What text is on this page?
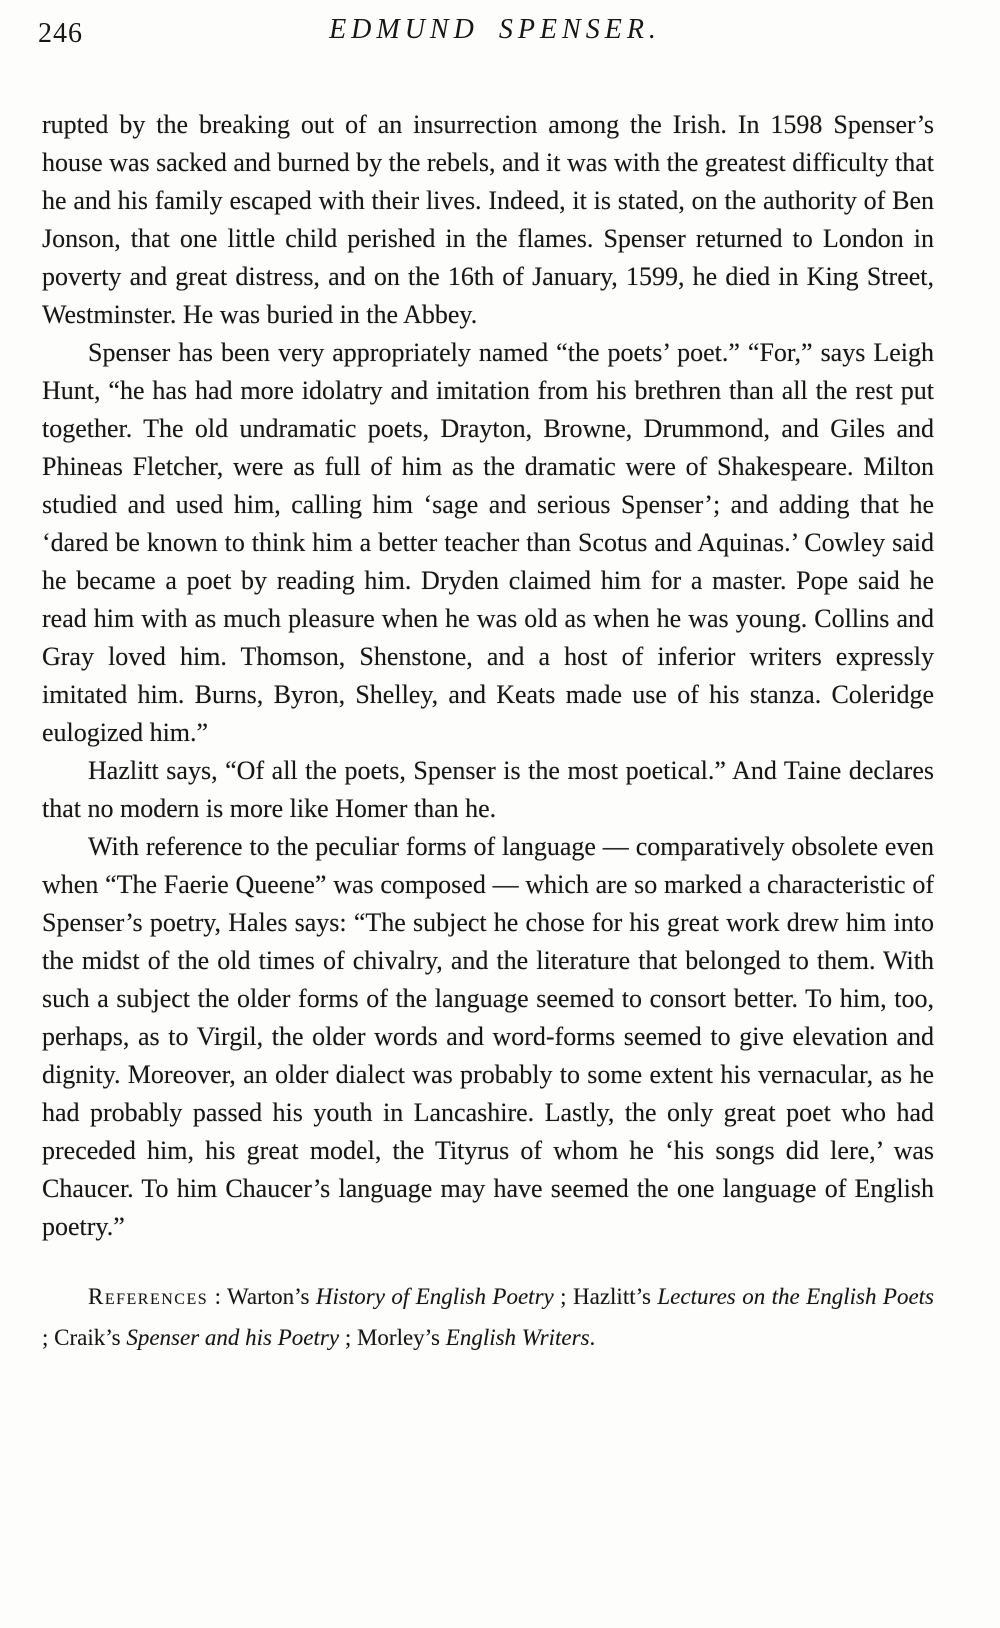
246	EDMUND SPENSER.

rupted by the breaking out of an insurrection among the Irish. In 1598 Spenser’s house was sacked and burned by the rebels, and it was with the greatest difficulty that he and his family escaped with their lives. Indeed, it is stated, on the authority of Ben Jonson, that one little child perished in the flames. Spenser returned to London in poverty and great distress, and on the 16th of January, 1599, he died in King Street, Westminster. He was buried in the Abbey.

Spenser has been very appropriately named “the poets’ poet.” “For,” says Leigh Hunt, “he has had more idolatry and imitation from his brethren than all the rest put together. The old undramatic poets, Drayton, Browne, Drummond, and Giles and Phineas Fletcher, were as full of him as the dramatic were of Shakespeare. Milton studied and used him, calling him ‘sage and serious Spenser’; and adding that he ‘dared be known to think him a better teacher than Scotus and Aquinas.’ Cowley said he became a poet by reading him. Dryden claimed him for a master. Pope said he read him with as much pleasure when he was old as when he was young. Collins and Gray loved him. Thomson, Shenstone, and a host of inferior writers expressly imitated him. Burns, Byron, Shelley, and Keats made use of his stanza. Coleridge eulogized him.”

Hazlitt says, “Of all the poets, Spenser is the most poetical.” And Taine declares that no modern is more like Homer than he.

With reference to the peculiar forms of language — comparatively obsolete even when “The Faerie Queene” was composed — which are so marked a characteristic of Spenser’s poetry, Hales says: “The subject he chose for his great work drew him into the midst of the old times of chivalry, and the literature that belonged to them. With such a subject the older forms of the language seemed to consort better. To him, too, perhaps, as to Virgil, the older words and word-forms seemed to give elevation and dignity. Moreover, an older dialect was probably to some extent his vernacular, as he had probably passed his youth in Lancashire. Lastly, the only great poet who had preceded him, his great model, the Tityrus of whom he ‘his songs did lere,’ was Chaucer. To him Chaucer’s language may have seemed the one language of English poetry.”

References : Warton’s History of English Poetry ; Hazlitt’s Lectures on the English Poets ; Craik’s Spenser and his Poetry ; Morley’s English Writers.
